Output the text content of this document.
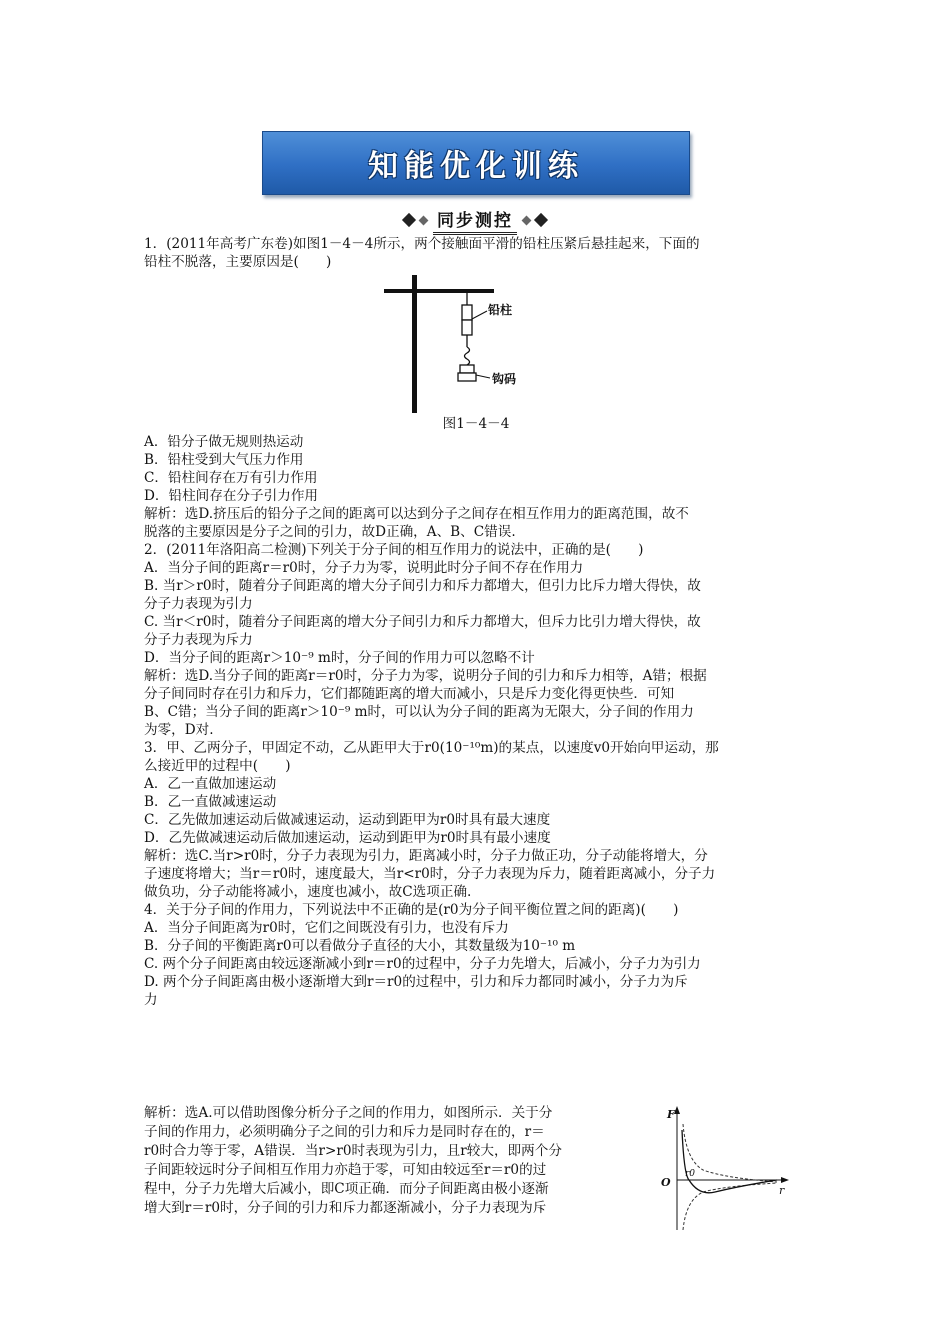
知能优化训练
同步测控

1．(2011年高考广东卷)如图1－4－4所示，两个接触面平滑的铅柱压紧后悬挂起来，下面的

铅柱不脱落，主要原因是(　　)

铅柱
钩码

图1－4－4

A．铅分子做无规则热运动

B．铅柱受到大气压力作用

C．铅柱间存在万有引力作用

D．铅柱间存在分子引力作用

解析：选D.挤压后的铅分子之间的距离可以达到分子之间存在相互作用力的距离范围，故不

脱落的主要原因是分子之间的引力，故D正确，A、B、C错误.

2．(2011年洛阳高二检测)下列关于分子间的相互作用力的说法中，正确的是(　　)

A．当分子间的距离r＝r0时，分子力为零，说明此时分子间不存在作用力

B. 当r＞r0时，随着分子间距离的增大分子间引力和斥力都增大，但引力比斥力增大得快，故

分子力表现为引力

C. 当r＜r0时，随着分子间距离的增大分子间引力和斥力都增大，但斥力比引力增大得快，故

分子力表现为斥力

D．当分子间的距离r＞10⁻⁹ m时，分子间的作用力可以忽略不计

解析：选D.当分子间的距离r＝r0时，分子力为零，说明分子间的引力和斥力相等，A错；根据

分子间同时存在引力和斥力，它们都随距离的增大而减小，只是斥力变化得更快些．可知

B、C错；当分子间的距离r＞10⁻⁹ m时，可以认为分子间的距离为无限大，分子间的作用力

为零，D对.

3．甲、乙两分子，甲固定不动，乙从距甲大于r0(10⁻¹⁰m)的某点，以速度v0开始向甲运动，那

么接近甲的过程中(　　)

A．乙一直做加速运动

B．乙一直做减速运动

C．乙先做加速运动后做减速运动，运动到距甲为r0时具有最大速度

D．乙先做减速运动后做加速运动，运动到距甲为r0时具有最小速度

解析：选C.当r>r0时，分子力表现为引力，距离减小时，分子力做正功，分子动能将增大，分

子速度将增大；当r＝r0时，速度最大，当r<r0时，分子力表现为斥力，随着距离减小，分子力

做负功，分子动能将减小，速度也减小，故C选项正确.

4．关于分子间的作用力，下列说法中不正确的是(r0为分子间平衡位置之间的距离)(　　)

A．当分子间距离为r0时，它们之间既没有引力，也没有斥力

B．分子间的平衡距离r0可以看做分子直径的大小，其数量级为10⁻¹⁰ m

C. 两个分子间距离由较远逐渐减小到r＝r0的过程中，分子力先增大，后减小，分子力为引力

D. 两个分子间距离由极小逐渐增大到r＝r0的过程中，引力和斥力都同时减小，分子力为斥

力

解析：选A.可以借助图像分析分子之间的作用力，如图所示．关于分

子间的作用力，必须明确分子之间的引力和斥力是同时存在的，r＝

r0时合力等于零，A错误．当r>r0时表现为引力，且r较大，即两个分

子间距较远时分子间相互作用力亦趋于零，可知由较远至r＝r0的过

程中，分子力先增大后减小，即C项正确．而分子间距离由极小逐渐

增大到r＝r0时，分子间的引力和斥力都逐渐减小，分子力表现为斥

F
O
r
r0
